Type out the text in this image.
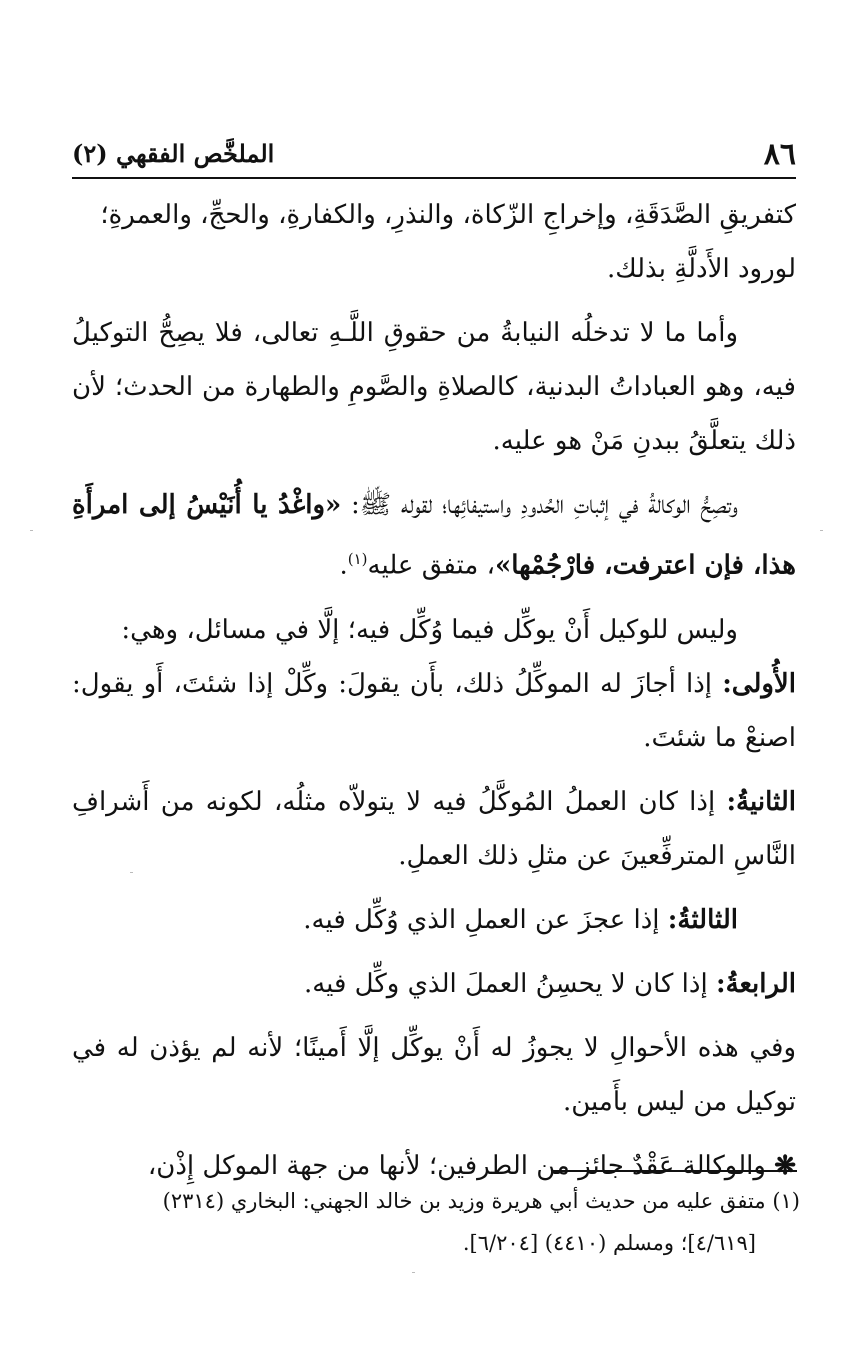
٨٦
الملخَّص الفقهي (٢)

كتفريقِ الصَّدَقَةِ، وإخراجِ الزّكاة، والنذرِ، والكفارةِ، والحجِّ، والعمرةِ؛
لورود الأَدلَّةِ بذلك.

وأما ما لا تدخلُه النيابةُ من حقوقِ اللَّـهِ تعالى، فلا يصِحُّ التوكيلُ فيه، وهو العباداتُ البدنية، كالصلاةِ والصَّومِ والطهارة من الحدث؛ لأن ذلك يتعلَّقُ ببدنِ مَنْ هو عليه.

وتصِحُّ الوكالةُ في إثباتِ الحُدودِ واستيفائِها؛ لقوله ﷺ: «واغْدُ يا أُنَيْسُ إلى امرأَةِ هذا، فإن اعترفت، فارْجُمْها»، متفق عليه$^{(١)}$.

وليس للوكيل أَنْ يوكِّل فيما وُكِّل فيه؛ إلَّا في مسائل، وهي:

الأُولى: إذا أجازَ له الموكِّلُ ذلك، بأَن يقولَ: وكِّلْ إذا شئتَ، أَو يقول: اصنعْ ما شئتَ.

الثانيةُ: إذا كان العملُ المُوكَّلُ فيه لا يتولاّه مثلُه، لكونه من أَشرافِ النَّاسِ المترفِّعينَ عن مثلِ ذلك العملِ.

الثالثةُ: إذا عجزَ عن العملِ الذي وُكِّل فيه.

الرابعةُ: إذا كان لا يحسِنُ العملَ الذي وكِّل فيه.

وفي هذه الأحوالِ لا يجوزُ له أَنْ يوكِّل إلَّا أَمينًا؛ لأنه لم يؤذن له في توكيل من ليس بأَمين.

❋ والوكالة عَقْدٌ جائز من الطرفين؛ لأنها من جهة الموكل إِذْن،

(١) متفق عليه من حديث أبي هريرة وزيد بن خالد الجهني: البخاري (٢٣١٤)
[٤/٦١٩]؛ ومسلم (٤٤١٠) [٦/٢٠٤].
